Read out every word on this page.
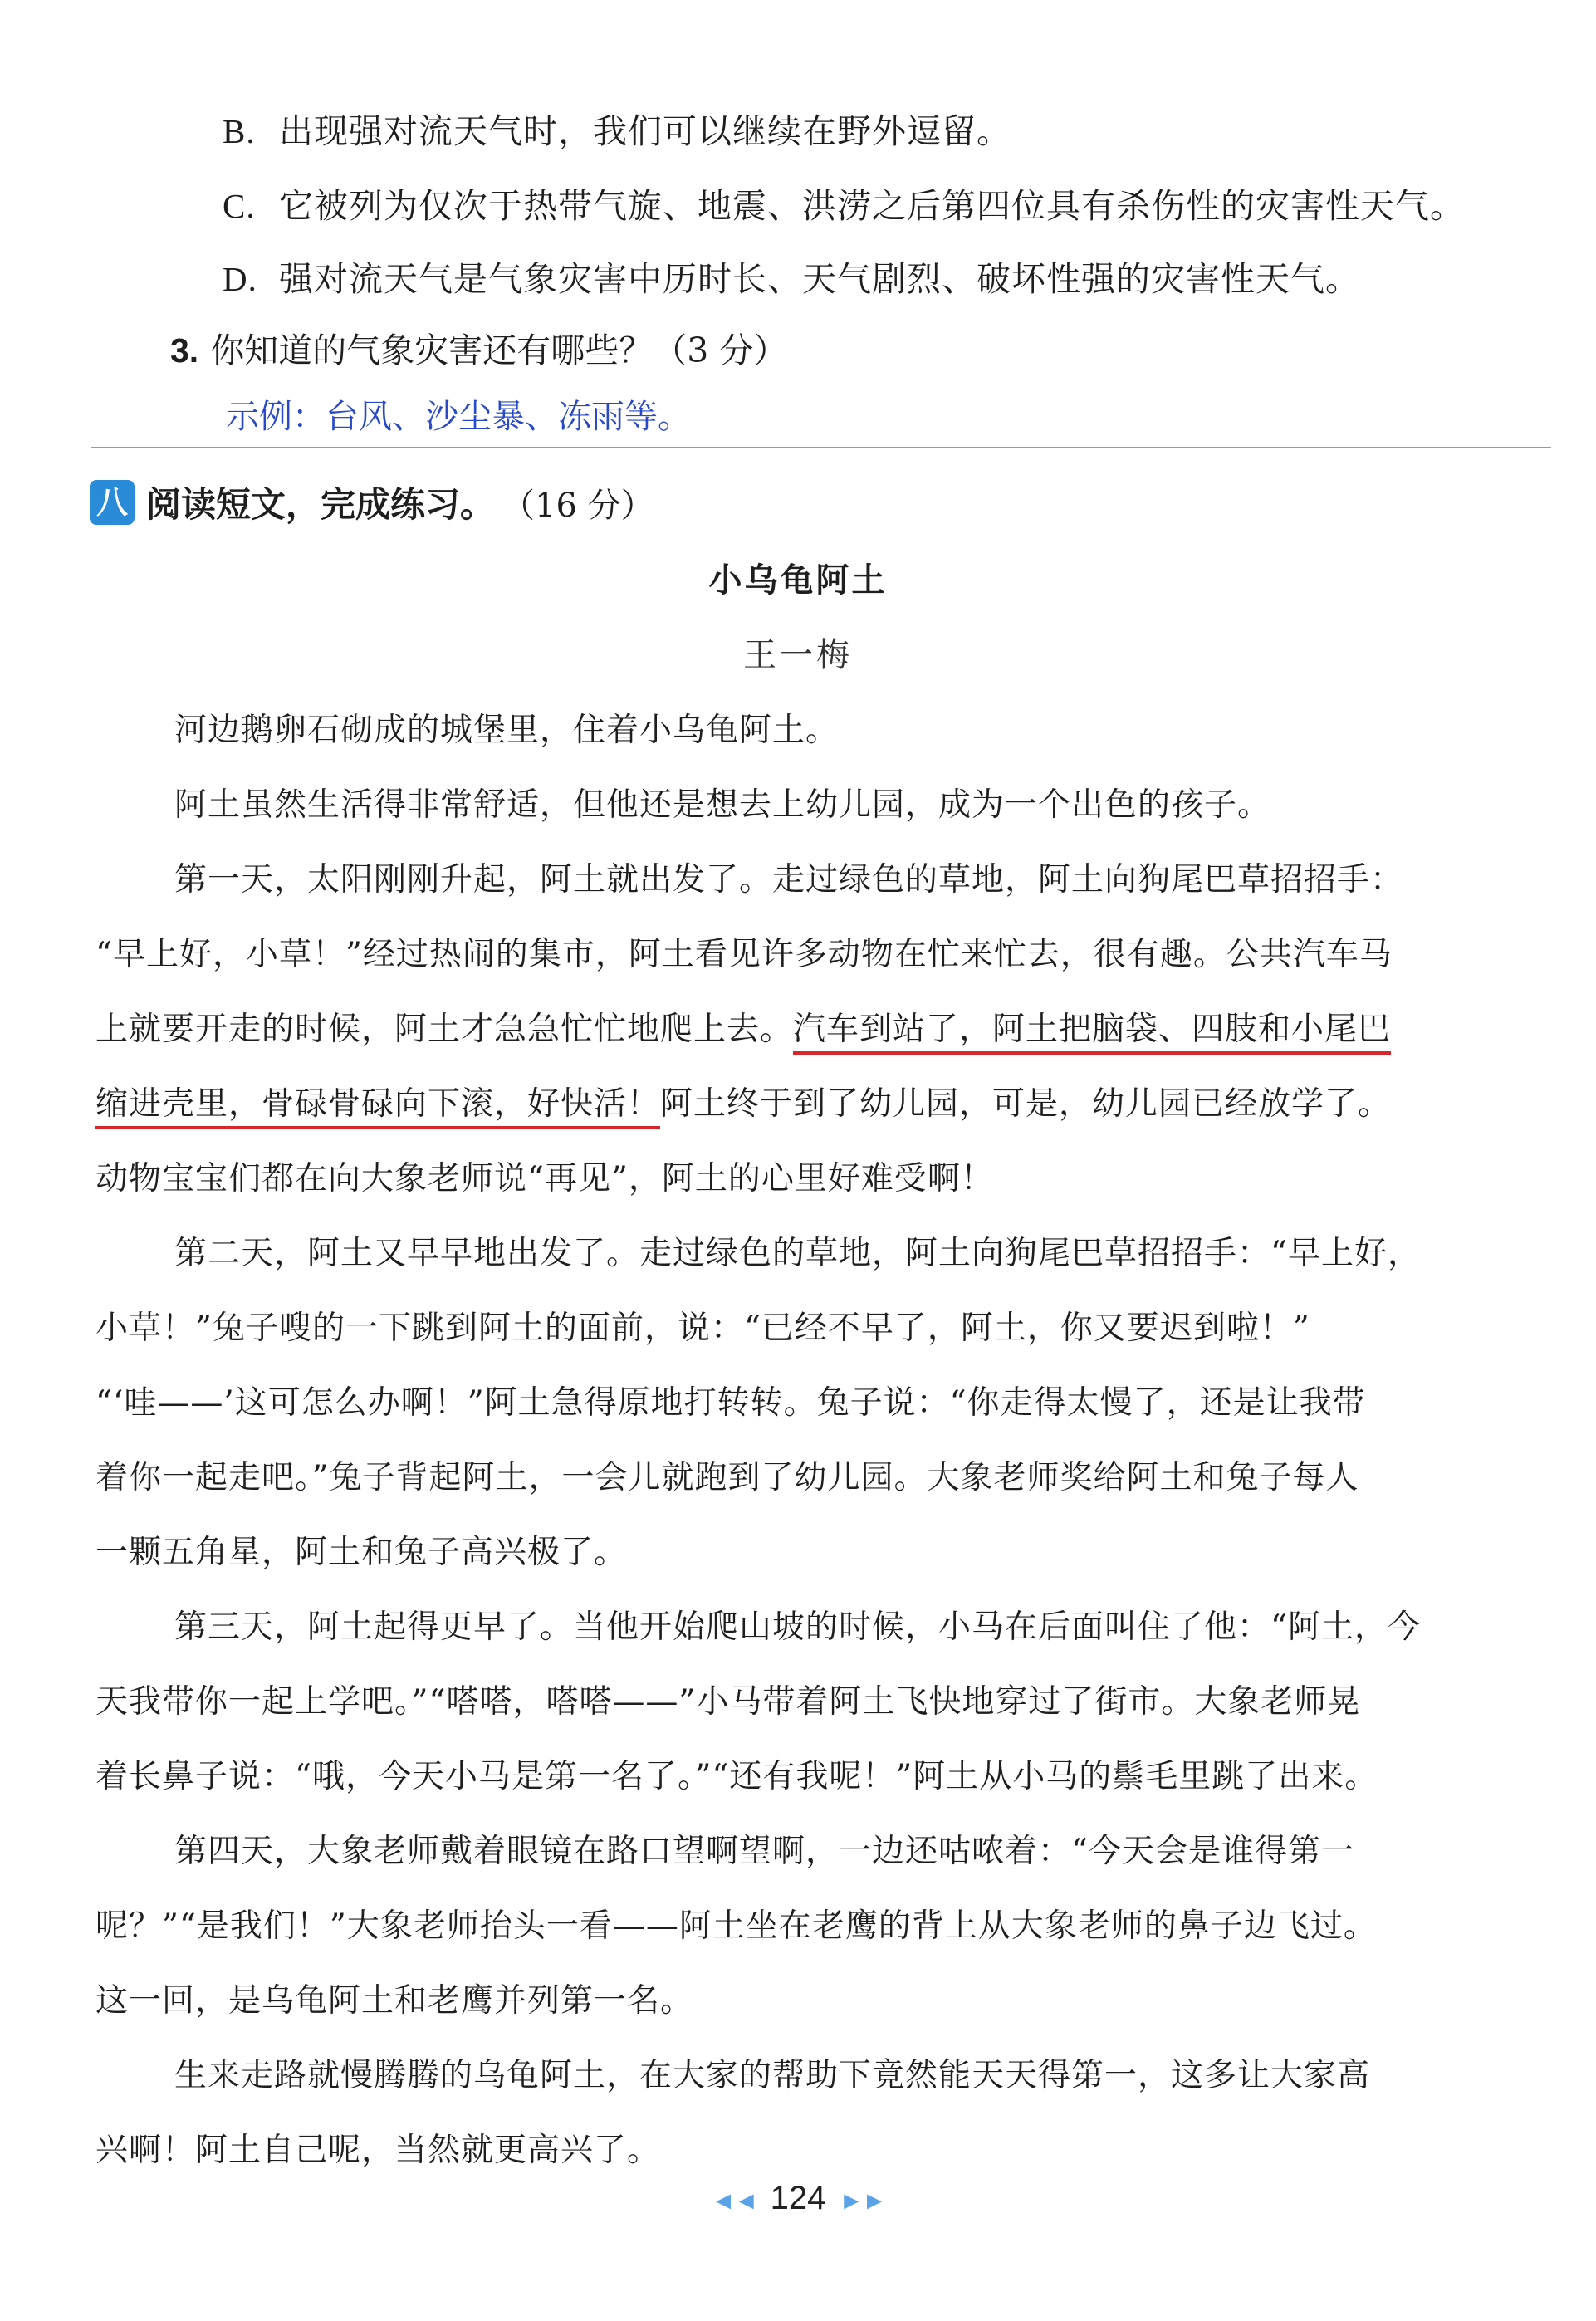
B. 出现强对流天气时，我们可以继续在野外逗留。
C. 它被列为仅次于热带气旋、地震、洪涝之后第四位具有杀伤性的灾害性天气。
D. 强对流天气是气象灾害中历时长、天气剧烈、破坏性强的灾害性天气。
3. 你知道的气象灾害还有哪些？（3 分）
示例：台风、沙尘暴、冻雨等。
八 阅读短文，完成练习。 （16 分）
小乌龟阿土
王一梅
河边鹅卵石砌成的城堡里，住着小乌龟阿土。
阿土虽然生活得非常舒适，但他还是想去上幼儿园，成为一个出色的孩子。
第一天，太阳刚刚升起，阿土就出发了。走过绿色的草地，阿土向狗尾巴草招招手：
“早上好，小草！”经过热闹的集市，阿土看见许多动物在忙来忙去，很有趣。公共汽车马
上就要开走的时候，阿土才急急忙忙地爬上去。汽车到站了，阿土把脑袋、四肢和小尾巴
缩进壳里，骨碌骨碌向下滚，好快活！阿土终于到了幼儿园，可是，幼儿园已经放学了。
动物宝宝们都在向大象老师说“再见”，阿土的心里好难受啊！
第二天，阿土又早早地出发了。走过绿色的草地，阿土向狗尾巴草招招手：“早上好，
小草！”兔子嗖的一下跳到阿土的面前，说：“已经不早了，阿土，你又要迟到啦！”
“‘哇——’这可怎么办啊！”阿土急得原地打转转。兔子说：“你走得太慢了，还是让我带
着你一起走吧。”兔子背起阿土，一会儿就跑到了幼儿园。大象老师奖给阿土和兔子每人
一颗五角星，阿土和兔子高兴极了。
第三天，阿土起得更早了。当他开始爬山坡的时候，小马在后面叫住了他：“阿土，今
天我带你一起上学吧。”“嗒嗒，嗒嗒——”小马带着阿土飞快地穿过了街市。大象老师晃
着长鼻子说：“哦，今天小马是第一名了。”“还有我呢！”阿土从小马的鬃毛里跳了出来。
第四天，大象老师戴着眼镜在路口望啊望啊，一边还咕哝着：“今天会是谁得第一
呢？”“是我们！”大象老师抬头一看——阿土坐在老鹰的背上从大象老师的鼻子边飞过。
这一回，是乌龟阿土和老鹰并列第一名。
生来走路就慢腾腾的乌龟阿土，在大家的帮助下竟然能天天得第一，这多让大家高
兴啊！阿土自己呢，当然就更高兴了。
◄◄ 124 ►►
